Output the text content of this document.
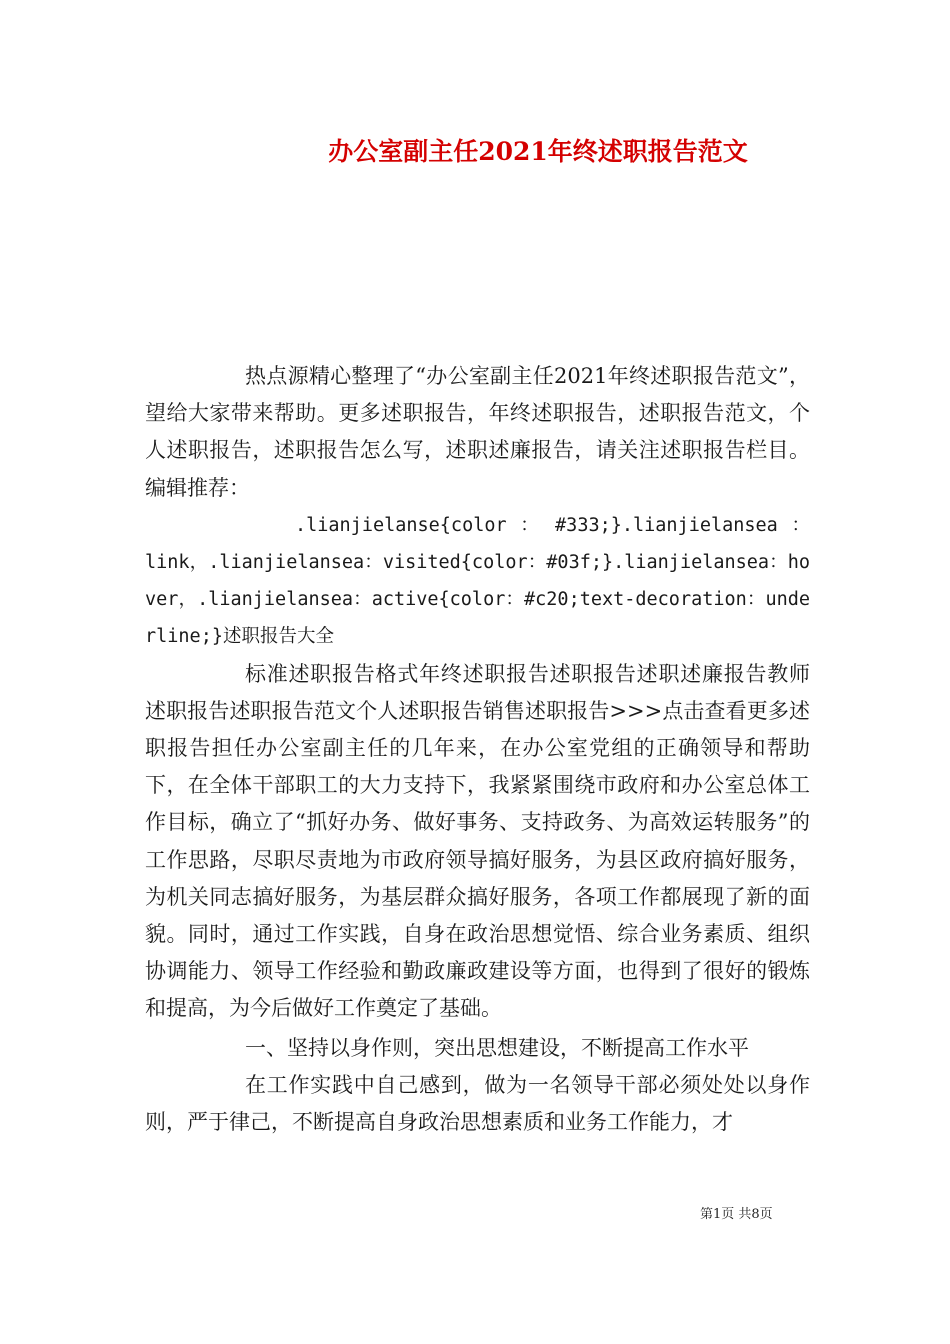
办公室副主任2021年终述职报告范文

热点源精心整理了“办公室副主任2021年终述职报告范文”，望给大家带来帮助。更多述职报告，年终述职报告，述职报告范文，个人述职报告，述职报告怎么写，述职述廉报告，请关注述职报告栏目。编辑推荐：

.lianjielanse{color ： #333;}.lianjielansea ：link，.lianjielansea：visited{color：#03f;}.lianjielansea：hover，.lianjielansea：active{color：#c20;text-decoration：underline;}述职报告大全

标准述职报告格式年终述职报告述职报告述职述廉报告教师述职报告述职报告范文个人述职报告销售述职报告>>>点击查看更多述职报告担任办公室副主任的几年来，在办公室党组的正确领导和帮助下，在全体干部职工的大力支持下，我紧紧围绕市政府和办公室总体工作目标，确立了“抓好办务、做好事务、支持政务、为高效运转服务”的工作思路，尽职尽责地为市政府领导搞好服务，为县区政府搞好服务，为机关同志搞好服务，为基层群众搞好服务，各项工作都展现了新的面貌。同时，通过工作实践，自身在政治思想觉悟、综合业务素质、组织协调能力、领导工作经验和勤政廉政建设等方面，也得到了很好的锻炼和提高，为今后做好工作奠定了基础。

一、坚持以身作则，突出思想建设，不断提高工作水平

在工作实践中自己感到，做为一名领导干部必须处处以身作则，严于律己，不断提高自身政治思想素质和业务工作能力，才

第1页 共8页
